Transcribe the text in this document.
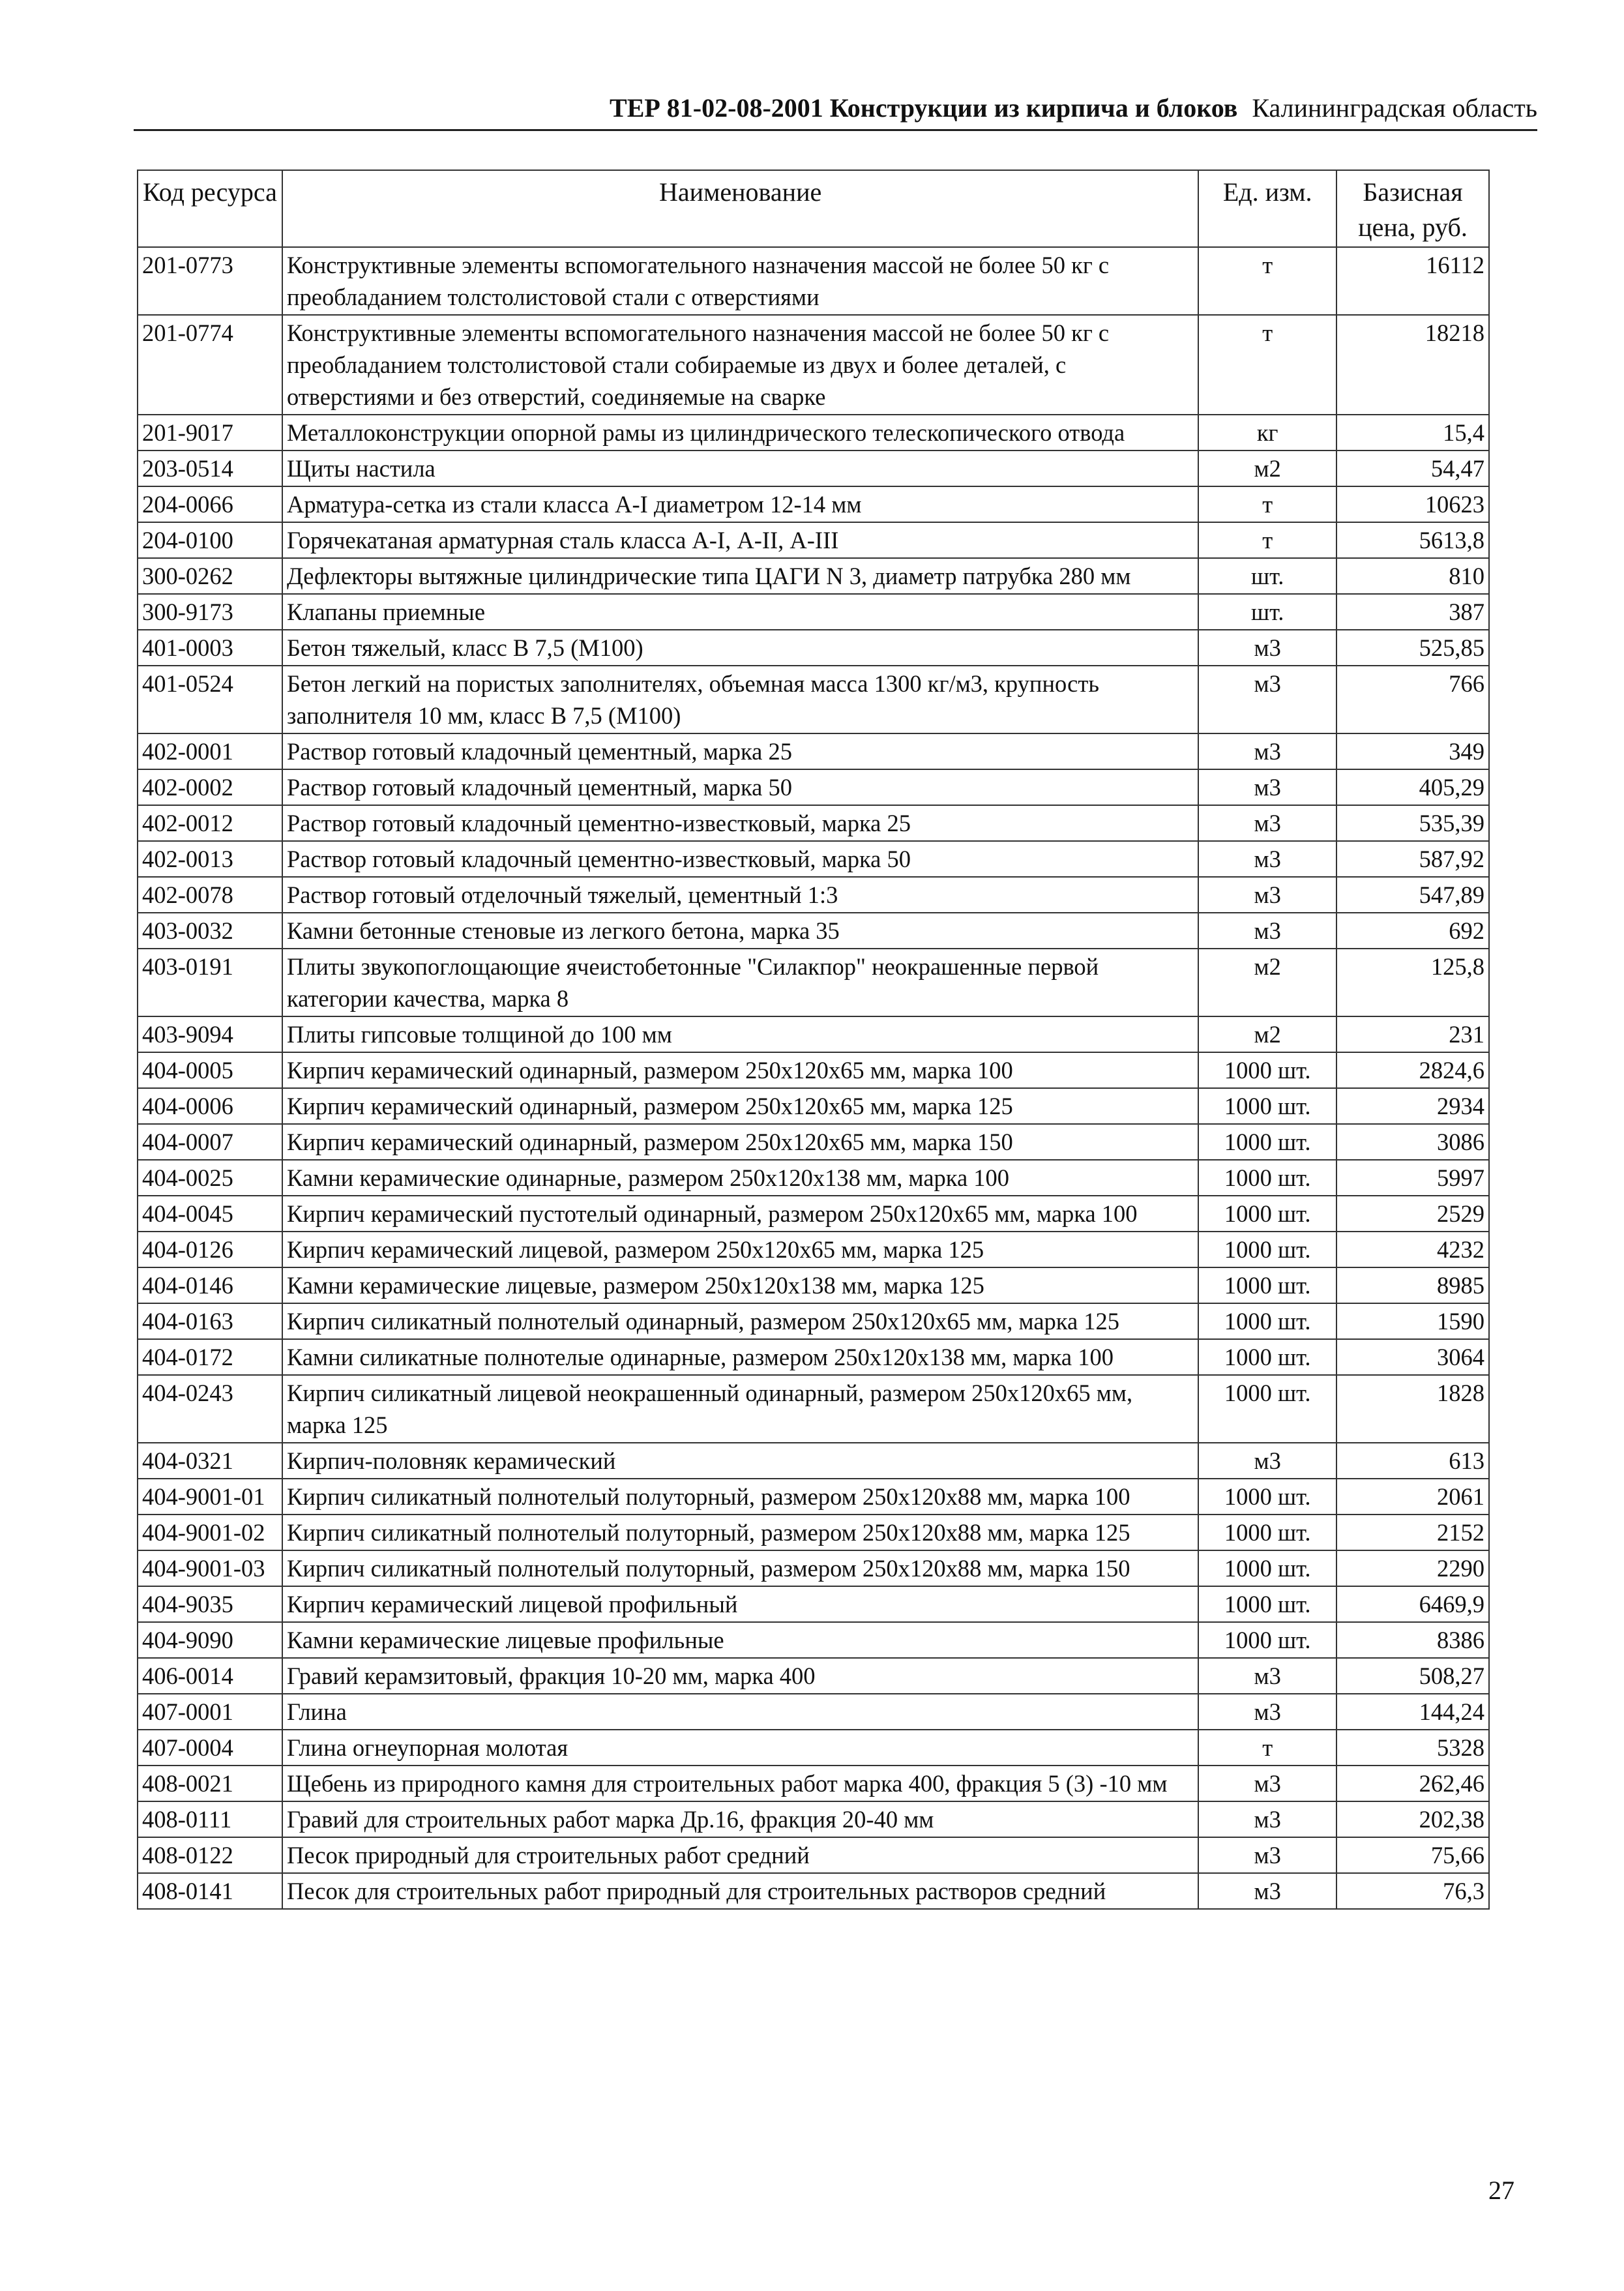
ТЕР 81-02-08-2001 Конструкции из кирпича и блоков Калининградская область
Код ресурса	Наименование	Ед. изм.	Базисная цена, руб.
201-0773	Конструктивные элементы вспомогательного назначения массой не более 50 кг с преобладанием толстолистовой стали с отверстиями	т	16112
201-0774	Конструктивные элементы вспомогательного назначения массой не более 50 кг с преобладанием толстолистовой стали собираемые из двух и более деталей, с отверстиями и без отверстий, соединяемые на сварке	т	18218
201-9017	Металлоконструкции опорной рамы из цилиндрического телескопического отвода	кг	15,4
203-0514	Щиты настила	м2	54,47
204-0066	Арматура-сетка из стали класса А-I диаметром 12-14 мм	т	10623
204-0100	Горячекатаная арматурная сталь класса А-I, А-II, А-III	т	5613,8
300-0262	Дефлекторы вытяжные цилиндрические типа ЦАГИ N 3, диаметр патрубка 280 мм	шт.	810
300-9173	Клапаны приемные	шт.	387
401-0003	Бетон тяжелый, класс В 7,5 (М100)	м3	525,85
401-0524	Бетон легкий на пористых заполнителях, объемная масса 1300 кг/м3, крупность заполнителя 10 мм, класс В 7,5 (М100)	м3	766
402-0001	Раствор готовый кладочный цементный, марка 25	м3	349
402-0002	Раствор готовый кладочный цементный, марка 50	м3	405,29
402-0012	Раствор готовый кладочный цементно-известковый, марка 25	м3	535,39
402-0013	Раствор готовый кладочный цементно-известковый, марка 50	м3	587,92
402-0078	Раствор готовый отделочный тяжелый, цементный 1:3	м3	547,89
403-0032	Камни бетонные стеновые из легкого бетона, марка 35	м3	692
403-0191	Плиты звукопоглощающие ячеистобетонные "Силакпор" неокрашенные первой категории качества, марка 8	м2	125,8
403-9094	Плиты гипсовые толщиной до 100 мм	м2	231
404-0005	Кирпич керамический одинарный, размером 250х120х65 мм, марка 100	1000 шт.	2824,6
404-0006	Кирпич керамический одинарный, размером 250х120х65 мм, марка 125	1000 шт.	2934
404-0007	Кирпич керамический одинарный, размером 250х120х65 мм, марка 150	1000 шт.	3086
404-0025	Камни керамические одинарные, размером 250х120х138 мм, марка 100	1000 шт.	5997
404-0045	Кирпич керамический пустотелый одинарный, размером 250х120х65 мм, марка 100	1000 шт.	2529
404-0126	Кирпич керамический лицевой, размером 250х120х65 мм, марка 125	1000 шт.	4232
404-0146	Камни керамические лицевые, размером 250х120х138 мм, марка 125	1000 шт.	8985
404-0163	Кирпич силикатный полнотелый одинарный, размером 250х120х65 мм, марка 125	1000 шт.	1590
404-0172	Камни силикатные полнотелые одинарные, размером 250х120х138 мм, марка 100	1000 шт.	3064
404-0243	Кирпич силикатный лицевой неокрашенный одинарный, размером 250х120х65 мм, марка 125	1000 шт.	1828
404-0321	Кирпич-половняк керамический	м3	613
404-9001-01	Кирпич силикатный полнотелый полуторный, размером 250х120х88 мм, марка 100	1000 шт.	2061
404-9001-02	Кирпич силикатный полнотелый полуторный, размером 250х120х88 мм, марка 125	1000 шт.	2152
404-9001-03	Кирпич силикатный полнотелый полуторный, размером 250х120х88 мм, марка 150	1000 шт.	2290
404-9035	Кирпич керамический лицевой профильный	1000 шт.	6469,9
404-9090	Камни керамические лицевые профильные	1000 шт.	8386
406-0014	Гравий керамзитовый, фракция 10-20 мм, марка 400	м3	508,27
407-0001	Глина	м3	144,24
407-0004	Глина огнеупорная молотая	т	5328
408-0021	Щебень из природного камня для строительных работ марка 400, фракция 5 (3) -10 мм	м3	262,46
408-0111	Гравий для строительных работ марка Др.16, фракция 20-40 мм	м3	202,38
408-0122	Песок природный для строительных работ средний	м3	75,66
408-0141	Песок для строительных работ природный для строительных растворов средний	м3	76,3
27
